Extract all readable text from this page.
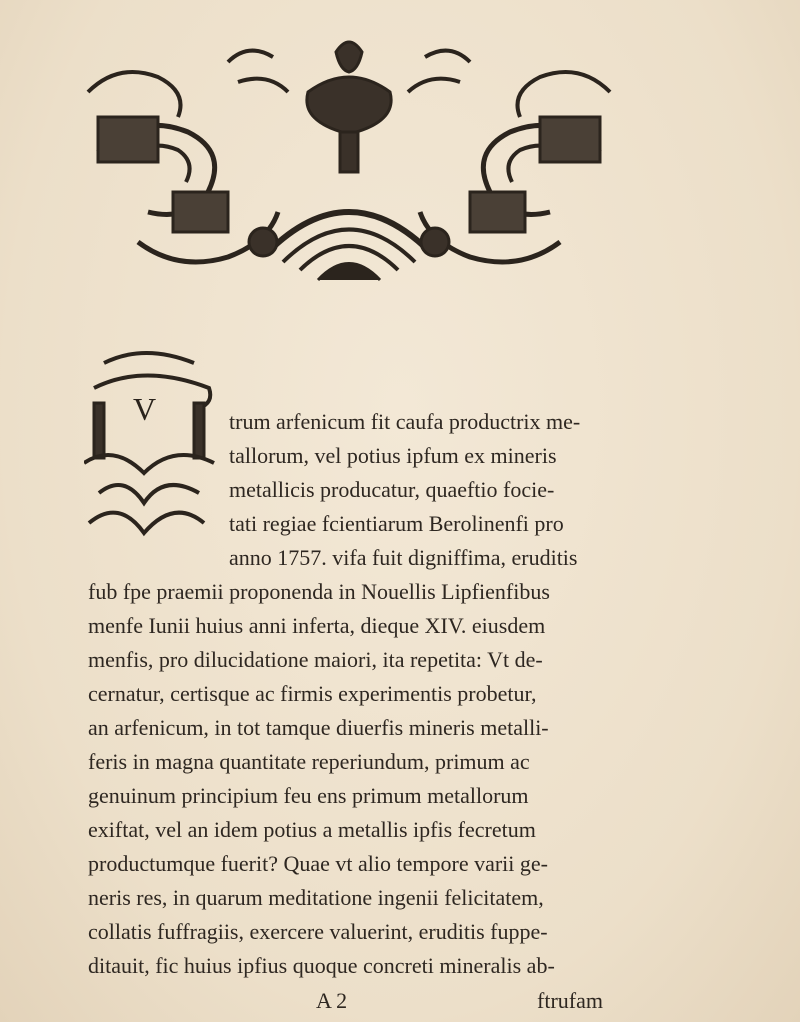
V	trum arfenicum fit caufa productrix me-
tallorum, vel potius ipfum ex mineris
metallicis producatur, quaeftio focie-
tati regiae fcientiarum Berolinenfi pro
anno 1757. vifa fuit digniffima, eruditis
fub fpe praemii proponenda in Nouellis Lipfienfibus
menfe Iunii huius anni inferta, dieque XIV. eiusdem
menfis, pro dilucidatione maiori, ita repetita: Vt de-
cernatur, certisque ac firmis experimentis probetur,
an arfenicum, in tot tamque diuerfis mineris metalli-
feris in magna quantitate reperiundum, primum ac
genuinum principium feu ens primum metallorum
exiftat, vel an idem potius a metallis ipfis fecretum
productumque fuerit? Quae vt alio tempore varii ge-
neris res, in quarum meditatione ingenii felicitatem,
collatis fuffragiis, exercere valuerint, eruditis fuppe-
ditauit, fic huius ipfius quoque concreti mineralis ab-
A 2	ftrufam
